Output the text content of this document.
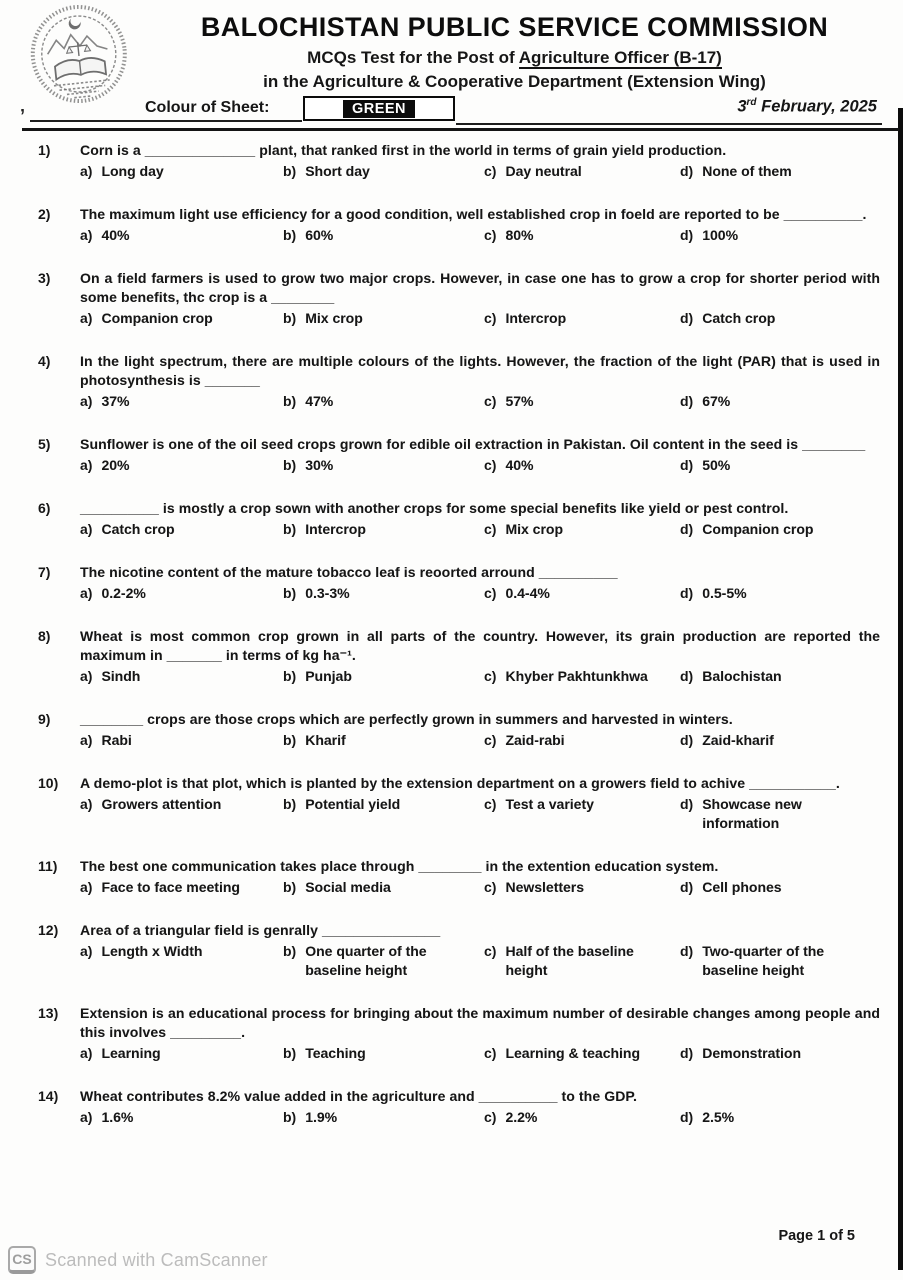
BALOCHISTAN PUBLIC SERVICE COMMISSION
MCQs Test for the Post of Agriculture Officer (B-17)
in the Agriculture & Cooperative Department (Extension Wing)
Colour of Sheet:	GREEN	3rd February, 2025
’
1)	Corn is a ______________ plant, that ranked first in the world in terms of grain yield production.
a) Long day	b) Short day	c) Day neutral	d) None of them
2)	The maximum light use efficiency for a good condition, well established crop in foeld are reported to be __________.
a) 40%	b) 60%	c) 80%	d) 100%
3)	On a field farmers is used to grow two major crops. However, in case one has to grow a crop for shorter period with some benefits, thc crop is a ________
a) Companion crop	b) Mix crop	c) Intercrop	d) Catch crop
4)	In the light spectrum, there are multiple colours of the lights. However, the fraction of the light (PAR) that is used in photosynthesis is _______
a) 37%	b) 47%	c) 57%	d) 67%
5)	Sunflower is one of the oil seed crops grown for edible oil extraction in Pakistan. Oil content in the seed is ________
a) 20%	b) 30%	c) 40%	d) 50%
6)	__________ is mostly a crop sown with another crops for some special benefits like yield or pest control.
a) Catch crop	b) Intercrop	c) Mix crop	d) Companion crop
7)	The nicotine content of the mature tobacco leaf is reoorted arround __________
a) 0.2-2%	b) 0.3-3%	c) 0.4-4%	d) 0.5-5%
8)	Wheat is most common crop grown in all parts of the country. However, its grain production are reported the maximum in _______ in terms of kg ha⁻¹.
a) Sindh	b) Punjab	c) Khyber Pakhtunkhwa d) Balochistan
9)	________ crops are those crops which are perfectly grown in summers and harvested in winters.
a) Rabi	b) Kharif	c) Zaid-rabi	d) Zaid-kharif
10)	A demo-plot is that plot, which is planted by the extension department on a growers field to achive ___________.
a) Growers attention	b) Potential yield	c) Test a variety	d) Showcase new information
11)	The best one communication takes place through ________ in the extention education system.
a) Face to face meeting	b) Social media	c) Newsletters	d) Cell phones
12)	Area of a triangular field is genrally _______________
a) Length x Width	b) One quarter of the baseline height
c) Half of the baseline height
d) Two-quarter of the baseline height
13)	Extension is an educational process for bringing about the maximum number of desirable changes among people and this involves _________.
a) Learning	b) Teaching	c) Learning & teaching	d) Demonstration
14)	Wheat contributes 8.2% value added in the agriculture and __________ to the GDP.
a) 1.6%	b) 1.9%	c) 2.2%	d) 2.5%
Page 1 of 5
CS Scanned with CamScanner
